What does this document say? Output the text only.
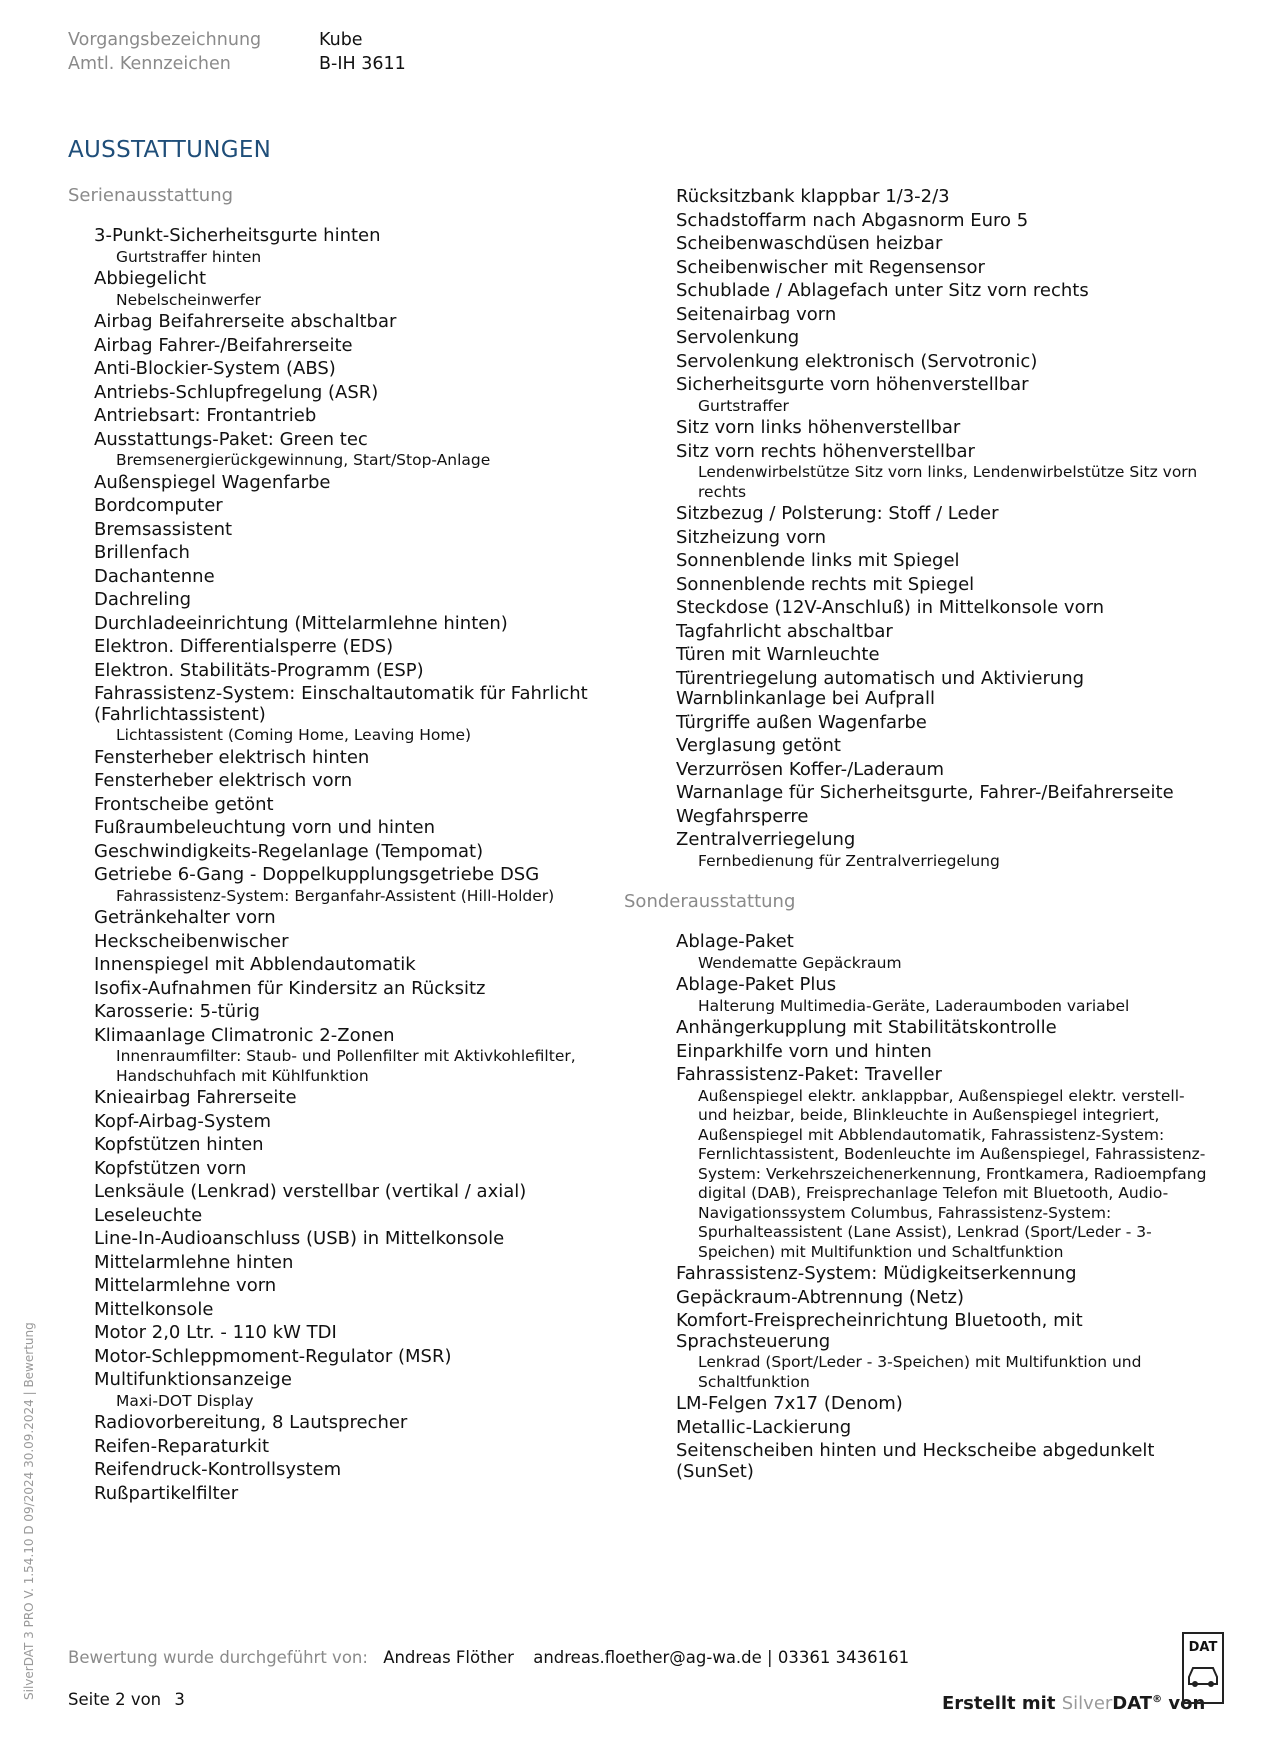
Vorgangsbezeichnung	Kube
Amtl. Kennzeichen	B-IH 3611
AUSSTATTUNGEN
Serienausstattung
3-Punkt-Sicherheitsgurte hinten
Gurtstraffer hinten
Abbiegelicht
Nebelscheinwerfer
Airbag Beifahrerseite abschaltbar
Airbag Fahrer-/Beifahrerseite
Anti-Blockier-System (ABS)
Antriebs-Schlupfregelung (ASR)
Antriebsart: Frontantrieb
Ausstattungs-Paket: Green tec
Bremsenergierückgewinnung, Start/Stop-Anlage
Außenspiegel Wagenfarbe
Bordcomputer
Bremsassistent
Brillenfach
Dachantenne
Dachreling
Durchladeeinrichtung (Mittelarmlehne hinten)
Elektron. Differentialsperre (EDS)
Elektron. Stabilitäts-Programm (ESP)
Fahrassistenz-System: Einschaltautomatik für Fahrlicht (Fahrlichtassistent)
Lichtassistent (Coming Home, Leaving Home)
Fensterheber elektrisch hinten
Fensterheber elektrisch vorn
Frontscheibe getönt
Fußraumbeleuchtung vorn und hinten
Geschwindigkeits-Regelanlage (Tempomat)
Getriebe 6-Gang - Doppelkupplungsgetriebe DSG
Fahrassistenz-System: Berganfahr-Assistent (Hill-Holder)
Getränkehalter vorn
Heckscheibenwischer
Innenspiegel mit Abblendautomatik
Isofix-Aufnahmen für Kindersitz an Rücksitz
Karosserie: 5-türig
Klimaanlage Climatronic 2-Zonen
Innenraumfilter: Staub- und Pollenfilter mit Aktivkohlefilter, Handschuhfach mit Kühlfunktion
Knieairbag Fahrerseite
Kopf-Airbag-System
Kopfstützen hinten
Kopfstützen vorn
Lenksäule (Lenkrad) verstellbar (vertikal / axial)
Leseleuchte
Line-In-Audioanschluss (USB) in Mittelkonsole
Mittelarmlehne hinten
Mittelarmlehne vorn
Mittelkonsole
Motor 2,0 Ltr. - 110 kW TDI
Motor-Schleppmoment-Regulator (MSR)
Multifunktionsanzeige
Maxi-DOT Display
Radiovorbereitung, 8 Lautsprecher
Reifen-Reparaturkit
Reifendruck-Kontrollsystem
Rußpartikelfilter
Rücksitzbank klappbar 1/3-2/3
Schadstoffarm nach Abgasnorm Euro 5
Scheibenwaschdüsen heizbar
Scheibenwischer mit Regensensor
Schublade / Ablagefach unter Sitz vorn rechts
Seitenairbag vorn
Servolenkung
Servolenkung elektronisch (Servotronic)
Sicherheitsgurte vorn höhenverstellbar
Gurtstraffer
Sitz vorn links höhenverstellbar
Sitz vorn rechts höhenverstellbar
Lendenwirbelstütze Sitz vorn links, Lendenwirbelstütze Sitz vorn rechts
Sitzbezug / Polsterung: Stoff / Leder
Sitzheizung vorn
Sonnenblende links mit Spiegel
Sonnenblende rechts mit Spiegel
Steckdose (12V-Anschluß) in Mittelkonsole vorn
Tagfahrlicht abschaltbar
Türen mit Warnleuchte
Türentriegelung automatisch und Aktivierung Warnblinkanlage bei Aufprall
Türgriffe außen Wagenfarbe
Verglasung getönt
Verzurrösen Koffer-/Laderaum
Warnanlage für Sicherheitsgurte, Fahrer-/Beifahrerseite
Wegfahrsperre
Zentralverriegelung
Fernbedienung für Zentralverriegelung
Sonderausstattung
Ablage-Paket
Wendematte Gepäckraum
Ablage-Paket Plus
Halterung Multimedia-Geräte, Laderaumboden variabel
Anhängerkupplung mit Stabilitätskontrolle
Einparkhilfe vorn und hinten
Fahrassistenz-Paket: Traveller
Außenspiegel elektr. anklappbar, Außenspiegel elektr. verstell- und heizbar, beide, Blinkleuchte in Außenspiegel integriert, Außenspiegel mit Abblendautomatik, Fahrassistenz-System: Fernlichtassistent, Bodenleuchte im Außenspiegel, Fahrassistenz-System: Verkehrszeichenerkennung, Frontkamera, Radioempfang digital (DAB), Freisprechanlage Telefon mit Bluetooth, Audio-Navigationssystem Columbus, Fahrassistenz-System: Spurhalteassistent (Lane Assist), Lenkrad (Sport/Leder - 3-Speichen) mit Multifunktion und Schaltfunktion
Fahrassistenz-System: Müdigkeitserkennung
Gepäckraum-Abtrennung (Netz)
Komfort-Freisprecheinrichtung Bluetooth, mit Sprachsteuerung
Lenkrad (Sport/Leder - 3-Speichen) mit Multifunktion und Schaltfunktion
LM-Felgen 7x17 (Denom)
Metallic-Lackierung
Seitenscheiben hinten und Heckscheibe abgedunkelt (SunSet)
Bewertung wurde durchgeführt von: Andreas Flöther andreas.floether@ag-wa.de | 03361 3436161
Seite 2 von 3	Erstellt mit SilverDAT® von
DAT
SilverDAT 3 PRO V. 1.54.10 D 09/2024 30.09.2024 | Bewertung
